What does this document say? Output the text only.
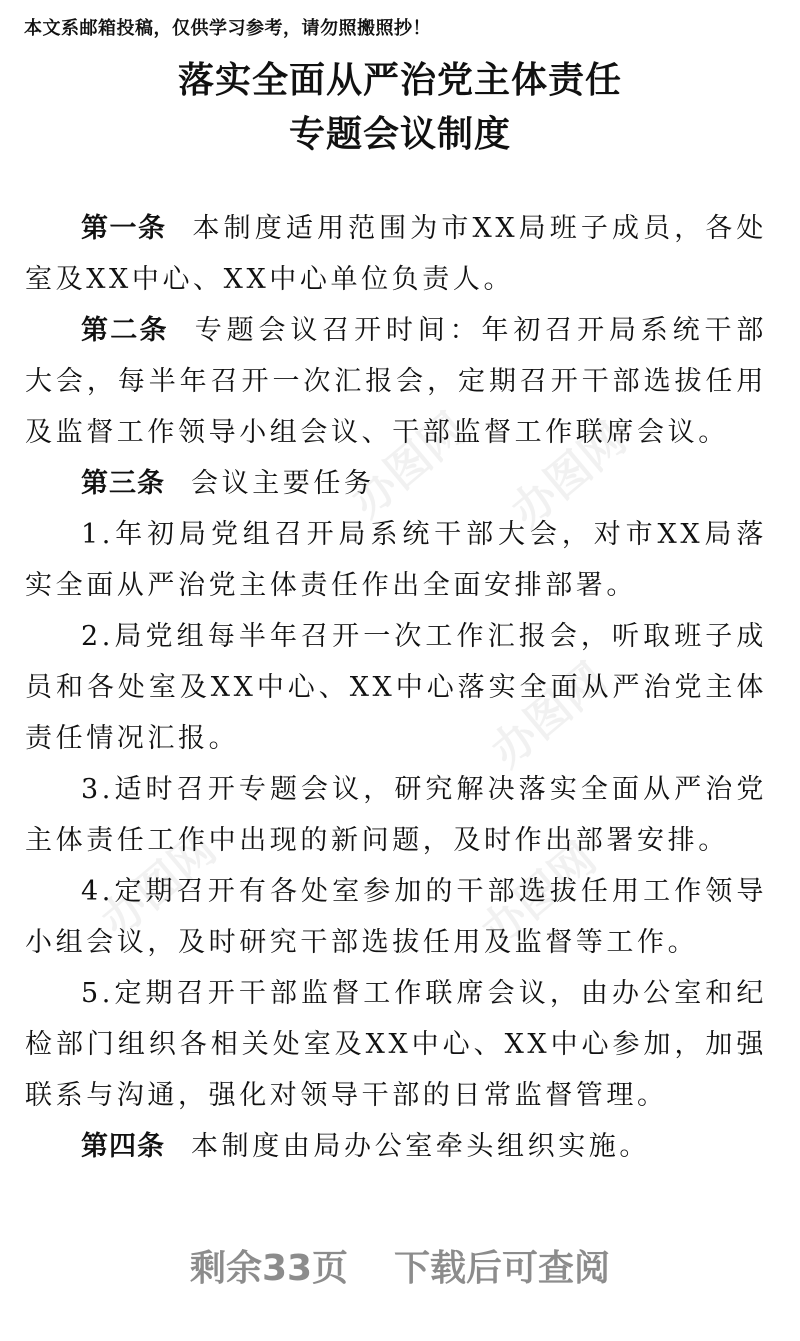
本文系邮箱投稿，仅供学习参考，请勿照搬照抄！
落实全面从严治党主体责任
专题会议制度
办图网 办图网
办图网
办图网	办图网

第一条 本制度适用范围为市XX局班子成员，各处室及XX中心、XX中心单位负责人。

第二条 专题会议召开时间：年初召开局系统干部大会，每半年召开一次汇报会，定期召开干部选拔任用及监督工作领导小组会议、干部监督工作联席会议。

第三条 会议主要任务

1.年初局党组召开局系统干部大会，对市XX局落实全面从严治党主体责任作出全面安排部署。

2.局党组每半年召开一次工作汇报会，听取班子成员和各处室及XX中心、XX中心落实全面从严治党主体责任情况汇报。

3.适时召开专题会议，研究解决落实全面从严治党主体责任工作中出现的新问题，及时作出部署安排。

4.定期召开有各处室参加的干部选拔任用工作领导小组会议，及时研究干部选拔任用及监督等工作。

5.定期召开干部监督工作联席会议，由办公室和纪检部门组织各相关处室及XX中心、XX中心参加，加强联系与沟通，强化对领导干部的日常监督管理。

第四条 本制度由局办公室牵头组织实施。

剩余33页 下载后可查阅
